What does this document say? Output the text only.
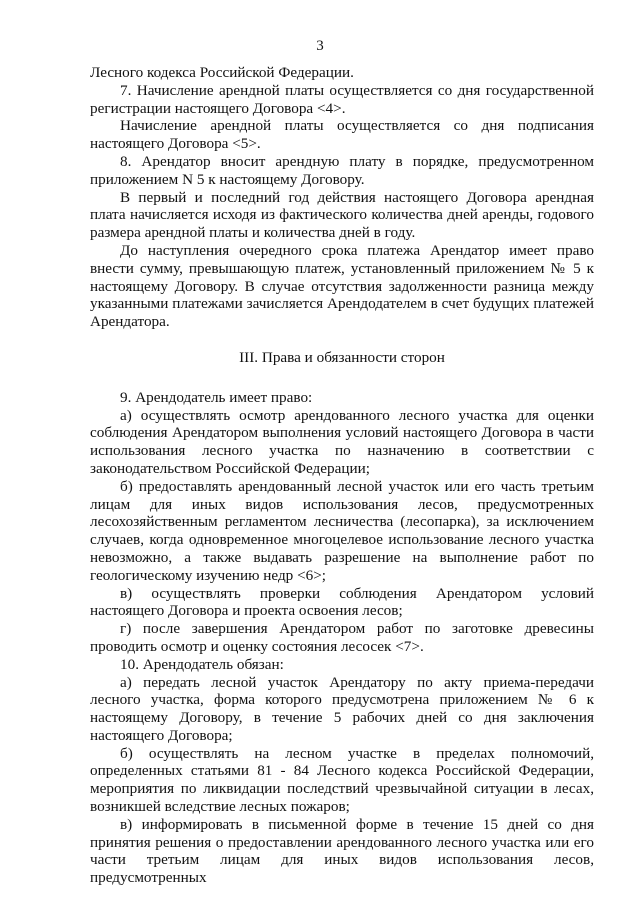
3

Лесного кодекса Российской Федерации.

7. Начисление арендной платы осуществляется со дня государственной регистрации настоящего Договора <4>.

Начисление арендной платы осуществляется со дня подписания настоящего Договора <5>.

8. Арендатор вносит арендную плату в порядке, предусмотренном приложением N 5 к настоящему Договору.

В первый и последний год действия настоящего Договора арендная плата начисляется исходя из фактического количества дней аренды, годового размера арендной платы и количества дней в году.

До наступления очередного срока платежа Арендатор имеет право внести сумму, превышающую платеж, установленный приложением № 5 к настоящему Договору. В случае отсутствия задолженности разница между указанными платежами зачисляется Арендодателем в счет будущих платежей Арендатора.

III. Права и обязанности сторон

9. Арендодатель имеет право:

а) осуществлять осмотр арендованного лесного участка для оценки соблюдения Арендатором выполнения условий настоящего Договора в части использования лесного участка по назначению в соответствии с законодательством Российской Федерации;

б) предоставлять арендованный лесной участок или его часть третьим лицам для иных видов использования лесов, предусмотренных лесохозяйственным регламентом лесничества (лесопарка), за исключением случаев, когда одновременное многоцелевое использование лесного участка невозможно, а также выдавать разрешение на выполнение работ по геологическому изучению недр <6>;

в) осуществлять проверки соблюдения Арендатором условий настоящего Договора и проекта освоения лесов;

г) после завершения Арендатором работ по заготовке древесины проводить осмотр и оценку состояния лесосек <7>.

10. Арендодатель обязан:

а) передать лесной участок Арендатору по акту приема-передачи лесного участка, форма которого предусмотрена приложением № 6 к настоящему Договору, в течение 5 рабочих дней со дня заключения настоящего Договора;

б) осуществлять на лесном участке в пределах полномочий, определенных статьями 81 - 84 Лесного кодекса Российской Федерации, мероприятия по ликвидации последствий чрезвычайной ситуации в лесах, возникшей вследствие лесных пожаров;

в) информировать в письменной форме в течение 15 дней со дня принятия решения о предоставлении арендованного лесного участка или его части третьим лицам для иных видов использования лесов, предусмотренных
